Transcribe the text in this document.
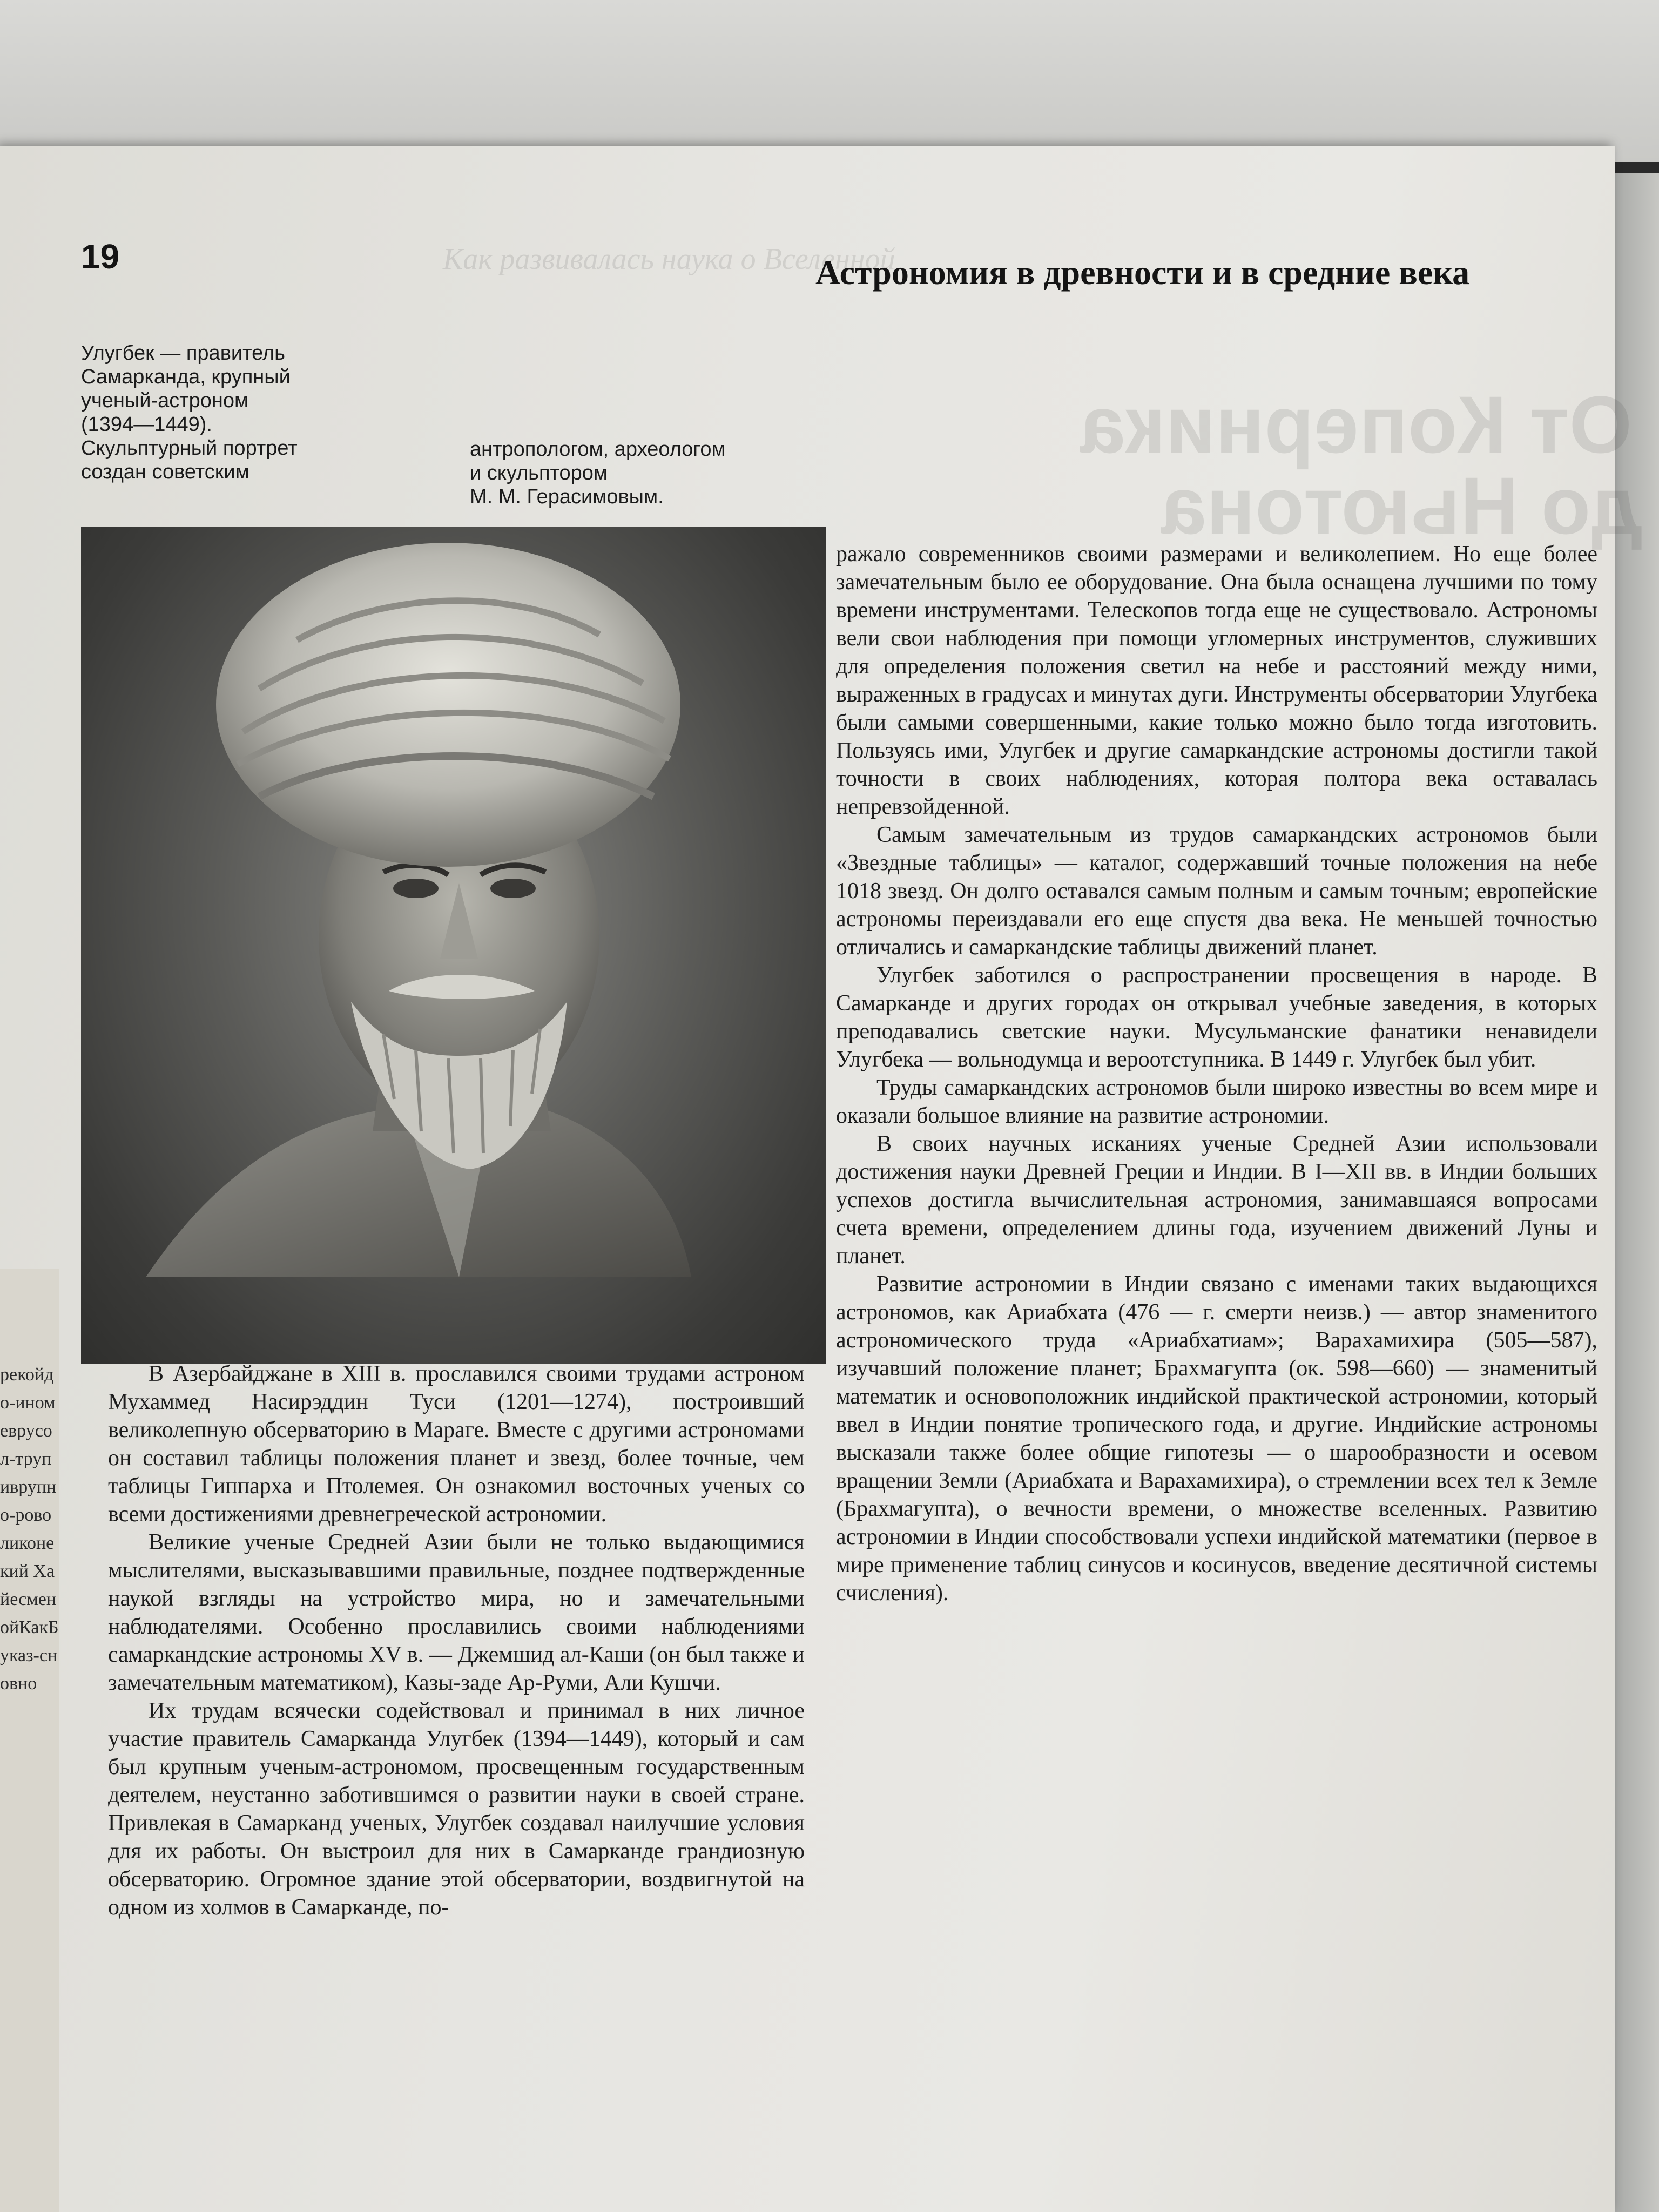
Как развивалась наука о Вселенной
От Коперника
до Ньютона
19	Астрономия в древности и в средние века
Улугбек — правитель
Самарканда, крупный
ученый-астроном
(1394—1449).
Скульптурный портрет
создан советским
антропологом, археологом
и скульптором
М. М. Герасимовым.

ражало современников своими размерами и великолепием. Но еще более замечательным было ее оборудование. Она была оснащена лучшими по тому времени инструментами. Телескопов тогда еще не существовало. Астрономы вели свои наблюдения при помощи угломерных инструментов, служивших для определения положения светил на небе и расстояний между ними, выраженных в градусах и минутах дуги. Инструменты обсерватории Улугбека были самыми совершенными, какие только можно было тогда изготовить. Пользуясь ими, Улугбек и другие самаркандские астрономы достигли такой точности в своих наблюдениях, которая полтора века оставалась непревзойденной.

Самым замечательным из трудов самаркандских астрономов были «Звездные таблицы» — каталог, содержавший точные положения на небе 1018 звезд. Он долго оставался самым полным и самым точным; европейские астрономы переиздавали его еще спустя два века. Не меньшей точностью отличались и самаркандские таблицы движений планет.

Улугбек заботился о распространении просвещения в народе. В Самарканде и других городах он открывал учебные заведения, в которых преподавались светские науки. Мусульманские фанатики ненавидели Улугбека — вольнодумца и вероотступника. В 1449 г. Улугбек был убит.

Труды самаркандских астрономов были широко известны во всем мире и оказали большое влияние на развитие астрономии.

В своих научных исканиях ученые Средней Азии использовали достижения науки Древней Греции и Индии. В I—XII вв. в Индии больших успехов достигла вычислительная астрономия, занимавшаяся вопросами счета времени, определением длины года, изучением движений Луны и планет.

Развитие астрономии в Индии связано с именами таких выдающихся астрономов, как Ариабхата (476 — г. смерти неизв.) — автор знаменитого астрономического труда «Ариабхатиам»; Варахамихира (505—587), изучавший положение планет; Брахмагупта (ок. 598—660) — знаменитый математик и основоположник индийской практической астрономии, который ввел в Индии понятие тропического года, и другие. Индийские астрономы высказали также более общие гипотезы — о шарообразности и осевом вращении Земли (Ариабхата и Варахамихира), о стремлении всех тел к Земле (Брахмагупта), о вечности времени, о множестве вселенных. Развитию астрономии в Индии способствовали успехи индийской математики (первое в мире применение таблиц синусов и косинусов, введение десятичной системы счисления).

В Азербайджане в XIII в. прославился своими трудами астроном Мухаммед Насирэддин Туси (1201—1274), построивший великолепную обсерваторию в Мараге. Вместе с другими астрономами он составил таблицы положения планет и звезд, более точные, чем таблицы Гиппарха и Птолемея. Он ознакомил восточных ученых со всеми достижениями древнегреческой астрономии.

Великие ученые Средней Азии были не только выдающимися мыслителями, высказывавшими правильные, позднее подтвержденные наукой взгляды на устройство мира, но и замечательными наблюдателями. Особенно прославились своими наблюдениями самаркандские астрономы XV в. — Джемшид ал-Каши (он был также и замечательным математиком), Казы-заде Ар-Руми, Али Кушчи.

Их трудам всячески содействовал и принимал в них личное участие правитель Самарканда Улугбек (1394—1449), который и сам был крупным ученым-астрономом, просвещенным государственным деятелем, неустанно заботившимся о развитии науки в своей стране. Привлекая в Самарканд ученых, Улугбек создавал наилучшие условия для их работы. Он выстроил для них в Самарканде грандиозную обсерваторию. Огромное здание этой обсерватории, воздвигнутой на одном из холмов в Самарканде, по-

рекойдо-иномеврусол-трупиврупно-роволиконекий ХайесменойКакБуказ-сновно
